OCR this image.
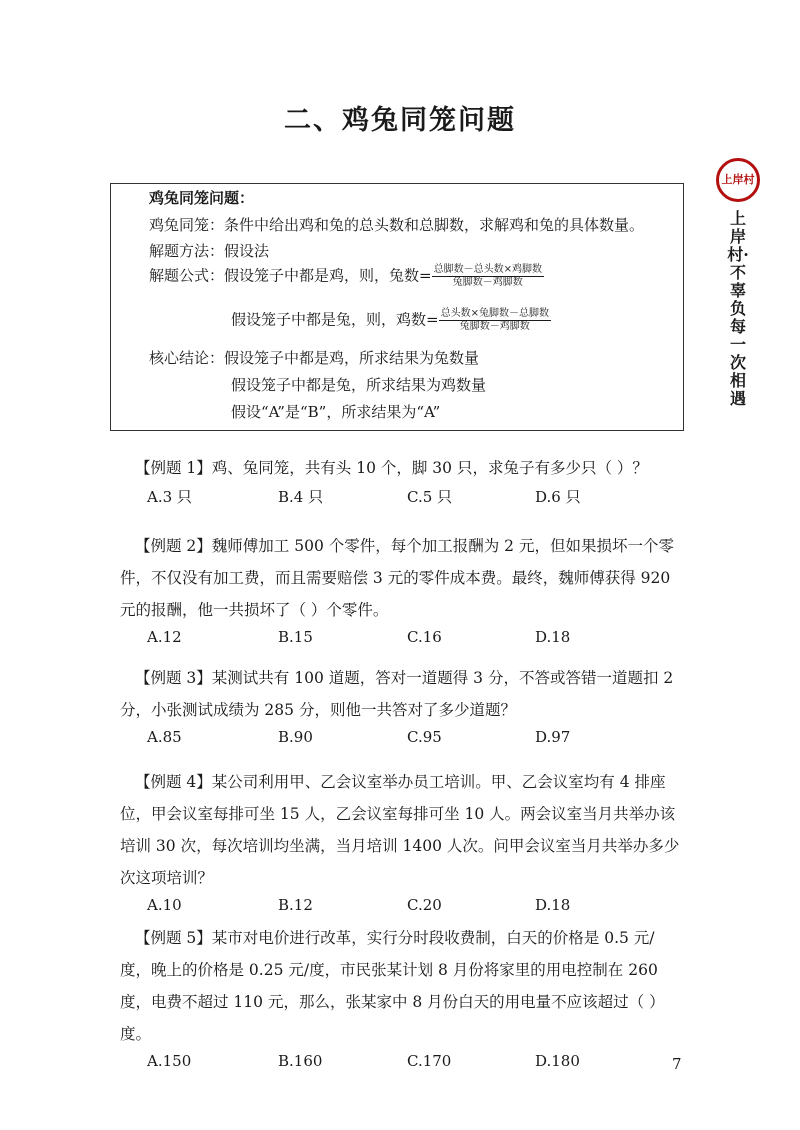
二、鸡兔同笼问题
上岸村
上岸村·不辜负每一次相遇
鸡兔同笼问题：
鸡兔同笼：条件中给出鸡和兔的总头数和总脚数，求解鸡和兔的具体数量。
解题方法：假设法
解题公式：假设笼子中都是鸡，则，兔数= $\frac{\text{总脚数－总头数×鸡脚数}}{\text{兔脚数－鸡脚数}}$
假设笼子中都是兔，则，鸡数= $\frac{\text{总头数×兔脚数－总脚数}}{\text{兔脚数－鸡脚数}}$
核心结论：假设笼子中都是鸡，所求结果为兔数量
假设笼子中都是兔，所求结果为鸡数量
假设“A”是“B”，所求结果为“A”
【例题 1】鸡、兔同笼，共有头 10 个，脚 30 只，求兔子有多少只（ ）？
A.3 只	B.4 只	C.5 只	D.6 只
【例题 2】魏师傅加工 500 个零件，每个加工报酬为 2 元，但如果损坏一个零件，不仅没有加工费，而且需要赔偿 3 元的零件成本费。最终，魏师傅获得 920 元的报酬，他一共损坏了（ ）个零件。
A.12	B.15	C.16	D.18
【例题 3】某测试共有 100 道题，答对一道题得 3 分，不答或答错一道题扣 2 分，小张测试成绩为 285 分，则他一共答对了多少道题？
A.85	B.90	C.95	D.97
【例题 4】某公司利用甲、乙会议室举办员工培训。甲、乙会议室均有 4 排座位，甲会议室每排可坐 15 人，乙会议室每排可坐 10 人。两会议室当月共举办该培训 30 次，每次培训均坐满，当月培训 1400 人次。问甲会议室当月共举办多少次这项培训？
A.10	B.12	C.20	D.18
【例题 5】某市对电价进行改革，实行分时段收费制，白天的价格是 0.5 元/度，晚上的价格是 0.25 元/度，市民张某计划 8 月份将家里的用电控制在 260 度，电费不超过 110 元，那么，张某家中 8 月份白天的用电量不应该超过（ ）度。
A.150	B.160	C.170	D.180	7
